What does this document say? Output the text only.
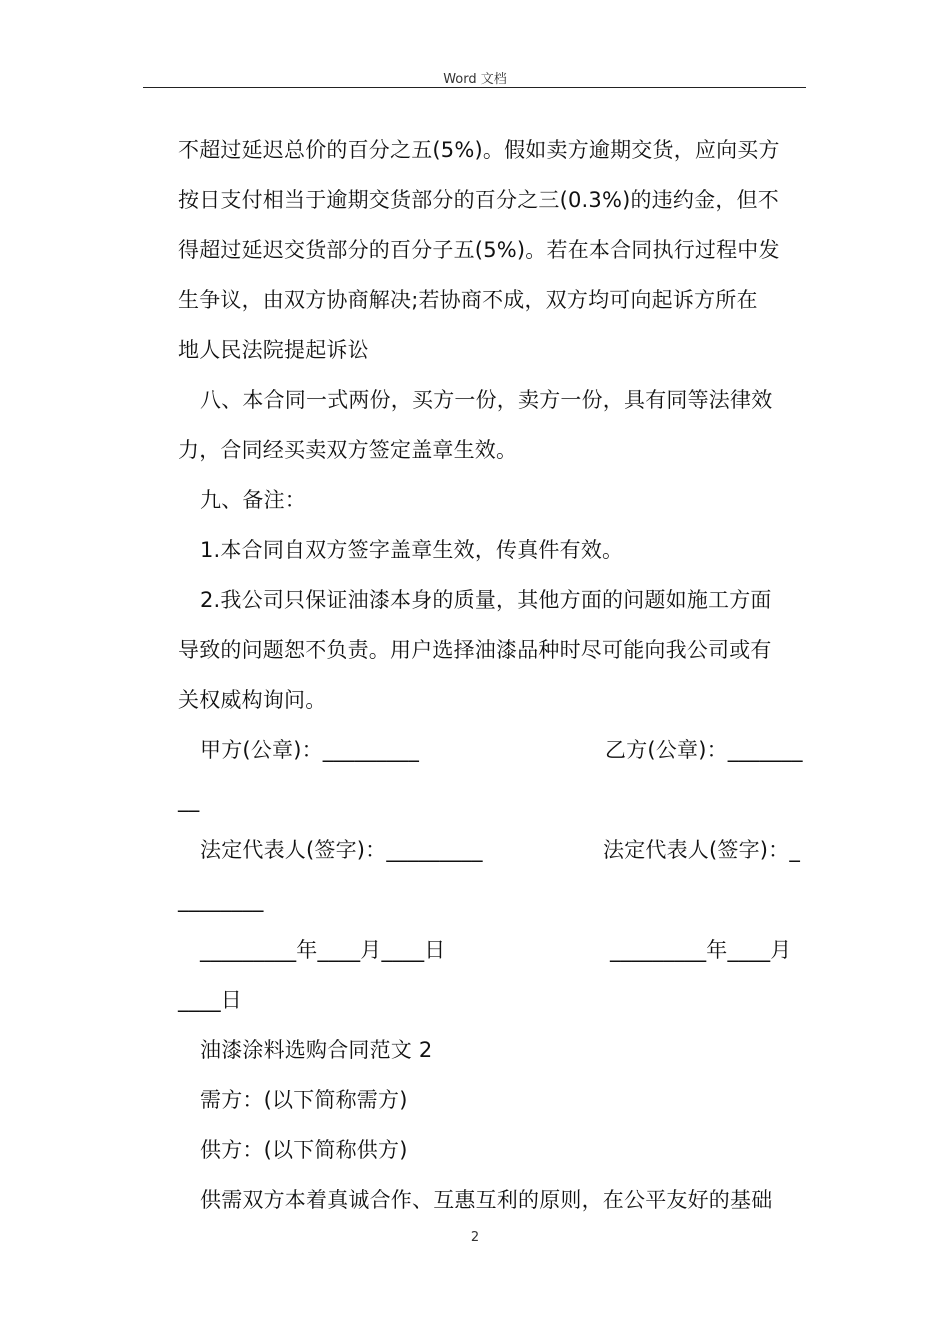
Word 文档
不超过延迟总价的百分之五(5%)。假如卖方逾期交货，应向买方
按日支付相当于逾期交货部分的百分之三(0.3%)的违约金，但不
得超过延迟交货部分的百分子五(5%)。若在本合同执行过程中发
生争议，由双方协商解决;若协商不成，双方均可向起诉方所在
地人民法院提起诉讼
八、本合同一式两份，买方一份，卖方一份，具有同等法律效
力，合同经买卖双方签定盖章生效。
九、备注：
1.本合同自双方签字盖章生效，传真件有效。
2.我公司只保证油漆本身的质量，其他方面的问题如施工方面
导致的问题恕不负责。用户选择油漆品种时尽可能向我公司或有
关权威构询问。
甲方(公章)：_________	乙方(公章)：_______
__
法定代表人(签字)：_________	法定代表人(签字)：_
________
_________年____月____日	_________年____月
____日
油漆涂料选购合同范文 2
需方：(以下简称需方)
供方：(以下简称供方)
供需双方本着真诚合作、互惠互利的原则，在公平友好的基础
2
